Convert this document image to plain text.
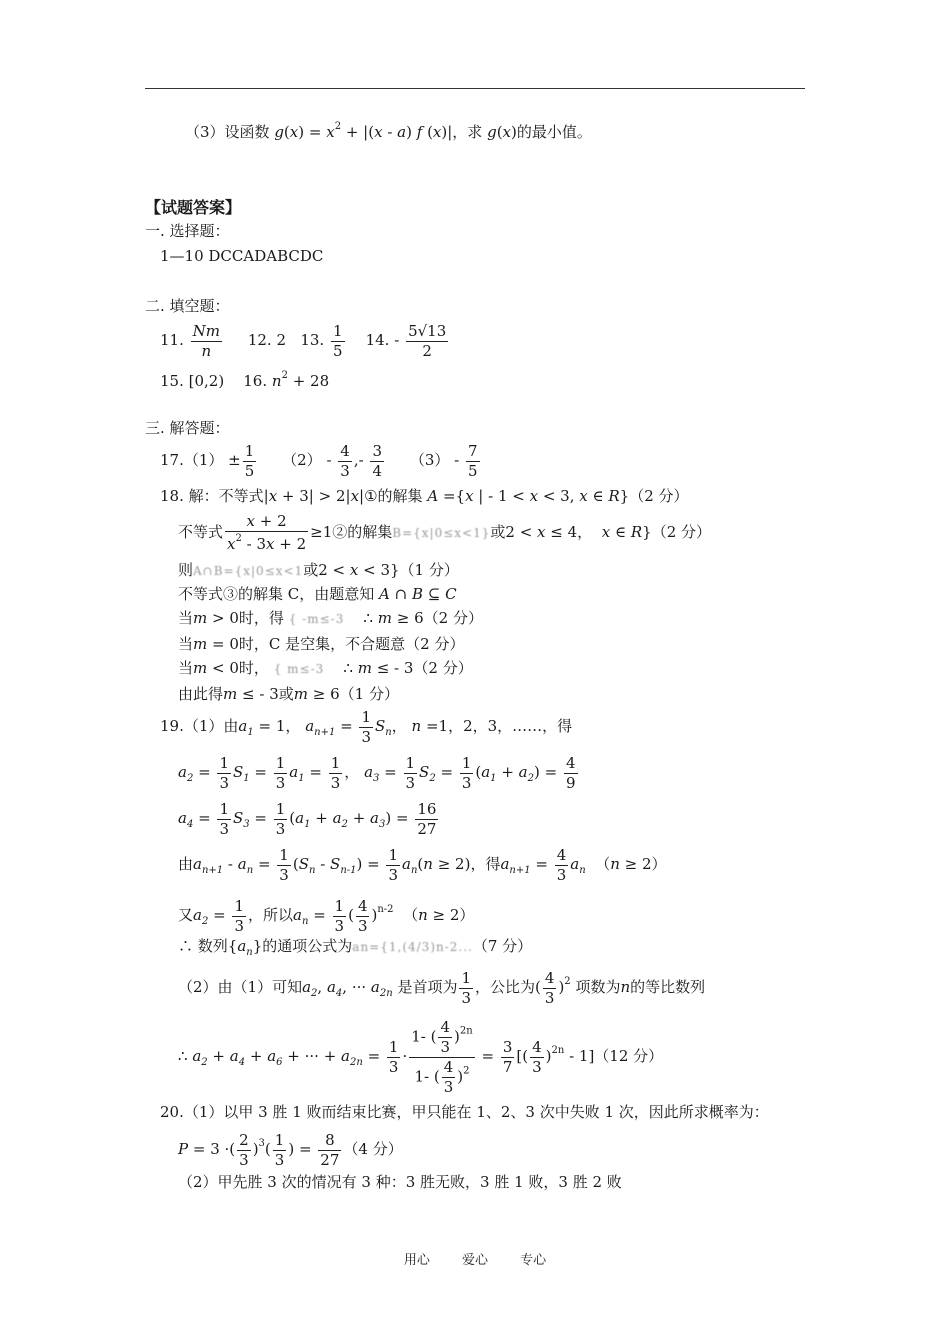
（3）设函数 $g(x) = x^2 + |(x - a)$ f (x)|，求 g(x)的最小值。
【试题答案】
一. 选择题：
1—10 DCCADABCDC
二. 填空题：
11. $\frac{Nm}{n} 12$. 2 13. $\frac{1}{5} 14$. - $\frac{5√13}{2}$
15. [0,2)    16. $n^2 + 28$
三. 解答题：
$17.(1) \pm \frac{1}{5} (2) - \frac{4}{3}$ ,- $\frac{3}{4} (3) - \frac{7}{5}$
18. 解：不等式|x + 3| > 2|x|①的解集 A ={x | - 1 < x < 3, x ∈ R}（2 分）
不等式 $\frac{x + 2}{x^2 - 3x + 2}$ ≥1②的解集B={x|0≤x<1}或2 < x ≤ 4， x ∈ R}（2 分）
则A∩B={x|0≤x<1或2 < x < 3}（1 分）
不等式③的解集 C，由题意知 A ∩ B ⊆ C
当m > 0时，得 { -m≤-3 ∴ m ≥ 6（2 分）
当m = 0时，C 是空集，不合题意（2 分）
当m < 0时， { m≤-3 ∴ m ≤ - 3（2 分）
由此得m ≤ - 3或m ≥ 6（1 分）
19.（1）由$a_1 = 1$， $a_{n+1} = \frac{1}{3} S_n$， n =1，2，3，……，得
$a_2 = \frac{1}{3} S_1 = \frac{1}{3} a_1 = \frac{1}{3}$ ， $a_3 = \frac{1}{3} S_2 = \frac{1}{3} (a_1 + a_2) = \frac{4}{9}$
$a_4 = \frac{1}{3} S_3 = \frac{1}{3} (a_1 + a_2 + a_3) = \frac{16}{27}$
由$a_{n+1} - a_n = \frac{1}{3} (S_n - S_{n-1}) = \frac{1}{3} a_n(n \ge 2)$，得$a_{n+1} = \frac{4}{3} a_n$ （n ≥ 2）
又$a_2 = \frac{1}{3}$ ，所以$a_n = \frac{1}{3}$ ( $\frac{4}{3} )^{n-2}$ （n ≥ 2）
∴ 数列$\{a_n\}$的通项公式为an={1,(4/3)n-2...（7 分）
（2）由（1）可知$a_2$, $a_4$, ··· $a_{2n}$ 是首项为 $\frac{1}{3}$ ，公比为( $\frac{4}{3} )^2$ 项数为n的等比数列
∴ $a_2 + a_4 + a_6$ + ··· + $a_{2n} = \frac{1}{3} \cdot \frac{1- ( \frac{4}{3} )^{2n}}{1- ( \frac{4}{3} )^2} = \frac{3}{7}$ [( $\frac{4}{3} )^{2n} - 1](12$ 分）
20.（1）以甲 3 胜 1 败而结束比赛，甲只能在 1、2、3 次中失败 1 次，因此所求概率为：
P = 3 ·( $\frac{2}{3} )^3( \frac{1}{3}$ ) = $\frac{8}{27} (4$ 分）
（2）甲先胜 3 次的情况有 3 种：3 胜无败，3 胜 1 败，3 胜 2 败
用心 爱心 专心
